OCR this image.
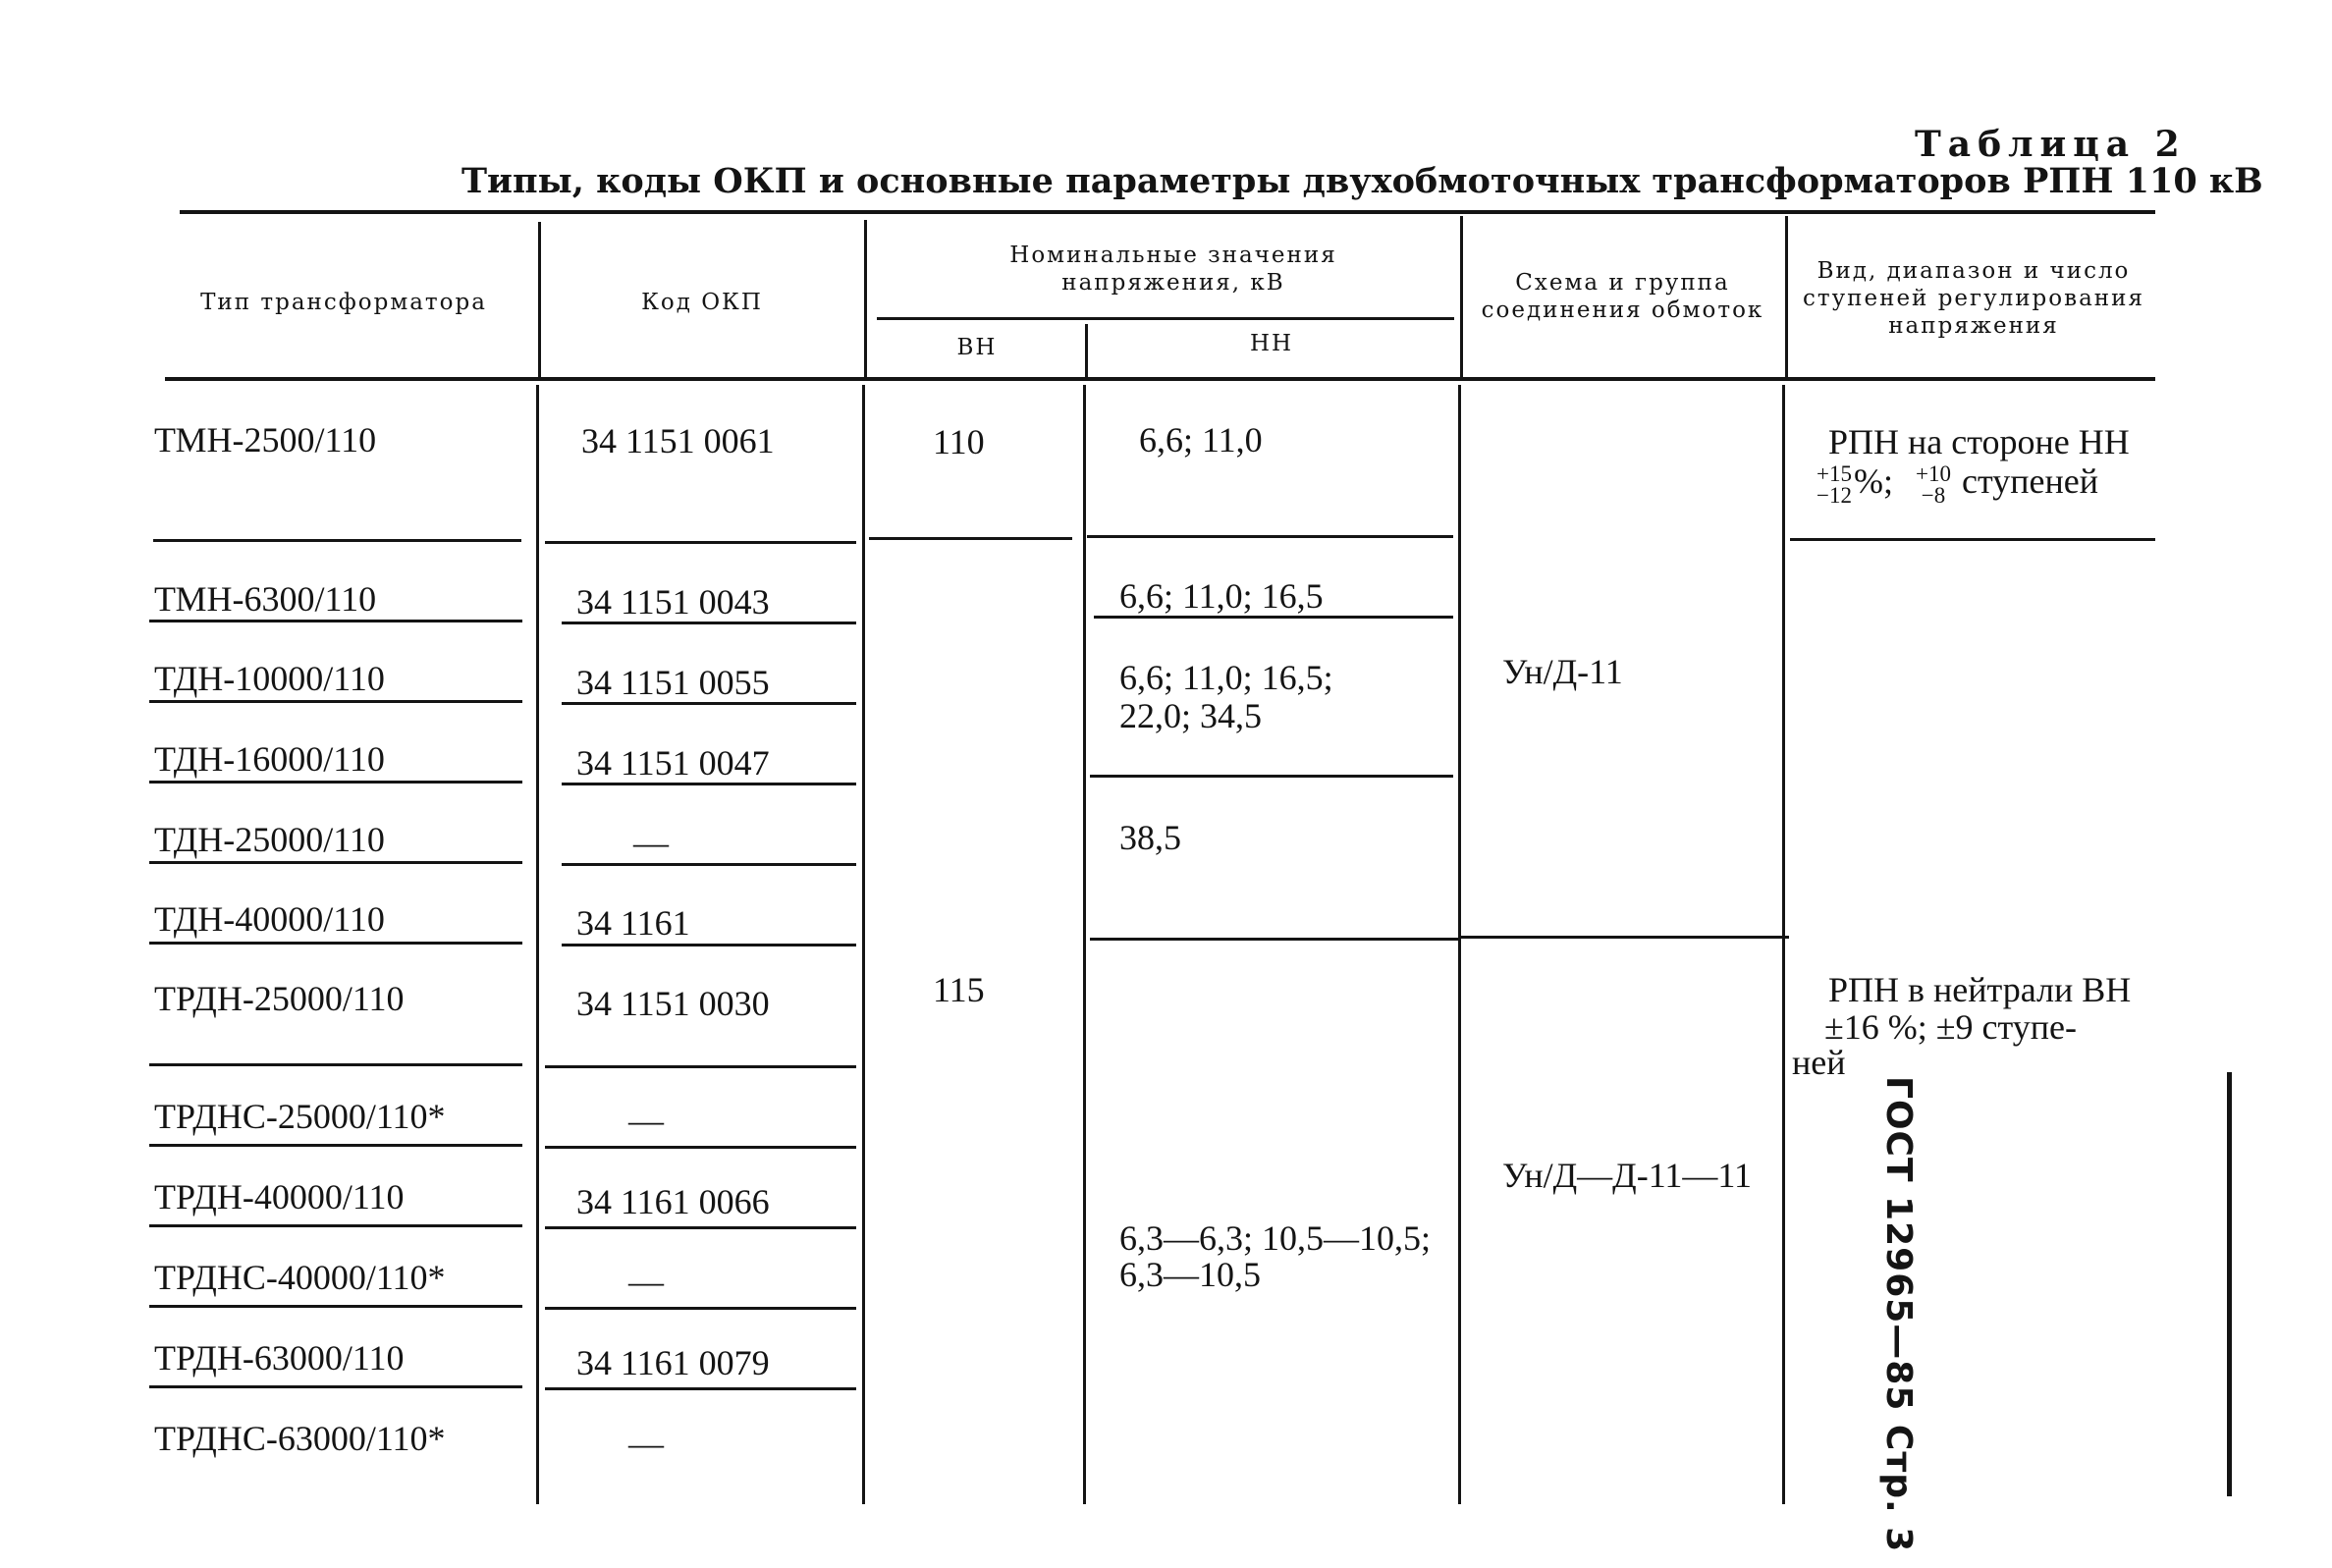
Таблица 2
Типы, коды ОКП и основные параметры двухобмоточных трансформаторов РПН 110 кВ
Тип трансформатора	Код ОКП
Номинальные значения напряжения, кВ
ВН	НН
Схема и группа соединения обмоток
Вид, диапазон и число ступеней регулирования напряжения
ТМН-2500/110
ТМН-6300/110
ТДН-10000/110
ТДН-16000/110
ТДН-25000/110
ТДН-40000/110
ТРДН-25000/110
ТРДНС-25000/110*
ТРДН-40000/110
ТРДНС-40000/110*
ТРДН-63000/110
ТРДНС-63000/110*
34 1151 0061
34 1151 0043
34 1151 0055
34 1151 0047
—
34 1161
34 1151 0030
—
34 1161 0066
—
34 1161 0079
—
110
115
6,6; 11,0
6,6; 11,0; 16,5
6,6; 11,0; 16,5;
22,0; 34,5
38,5
6,3—6,3; 10,5—10,5;
6,3—10,5
Ун/Д-11
Ун/Д—Д-11—11
РПН на стороне НН
+15
−12 %; +10
−8 ступеней
РПН в нейтрали ВН
±16 %; ±9 ступе-
ней
ГОСТ 12965—85 Стр. 3
